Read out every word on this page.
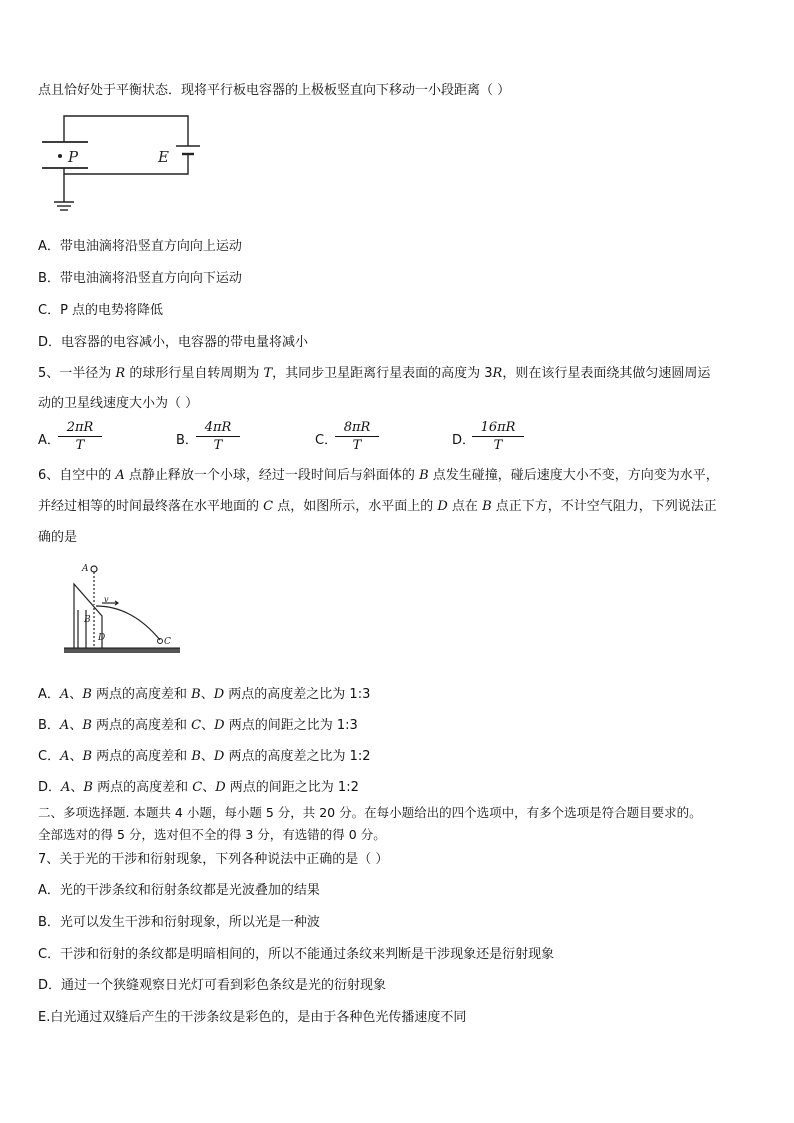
点且恰好处于平衡状态．现将平行板电容器的上极板竖直向下移动一小段距离（ ）
P	E
A．带电油滴将沿竖直方向向上运动
B．带电油滴将沿竖直方向向下运动
C．P 点的电势将降低
D．电容器的电容减小，电容器的带电量将减小
5、一半径为 R 的球形行星自转周期为 T，其同步卫星距离行星表面的高度为 3R，则在该行星表面绕其做匀速圆周运
动的卫星线速度大小为（ ）
A．
$\frac{2\pi R}{T}$	B．
$\frac{4\pi R}{T}$	C．
$\frac{8\pi R}{T}$	D．
$\frac{16\pi R}{T}$
6、自空中的 A 点静止释放一个小球，经过一段时间后与斜面体的 B 点发生碰撞，碰后速度大小不变，方向变为水平，
并经过相等的时间最终落在水平地面的 C 点，如图所示，水平面上的 D 点在 B 点正下方，不计空气阻力，下列说法正
确的是
A
B
v
D	C
A．A、B 两点的高度差和 B、D 两点的高度差之比为 1:3
B．A、B 两点的高度差和 C、D 两点的间距之比为 1:3
C．A、B 两点的高度差和 B、D 两点的高度差之比为 1:2
D．A、B 两点的高度差和 C、D 两点的间距之比为 1:2
二、多项选择题. 本题共 4 小题，每小题 5 分，共 20 分。在每小题给出的四个选项中，有多个选项是符合题目要求的。
全部选对的得 5 分，选对但不全的得 3 分，有选错的得 0 分。
7、关于光的干涉和衍射现象，下列各种说法中正确的是（ ）
A．光的干涉条纹和衍射条纹都是光波叠加的结果
B．光可以发生干涉和衍射现象，所以光是一种波
C．干涉和衍射的条纹都是明暗相间的，所以不能通过条纹来判断是干涉现象还是衍射现象
D．通过一个狭缝观察日光灯可看到彩色条纹是光的衍射现象
E.白光通过双缝后产生的干涉条纹是彩色的，是由于各种色光传播速度不同
